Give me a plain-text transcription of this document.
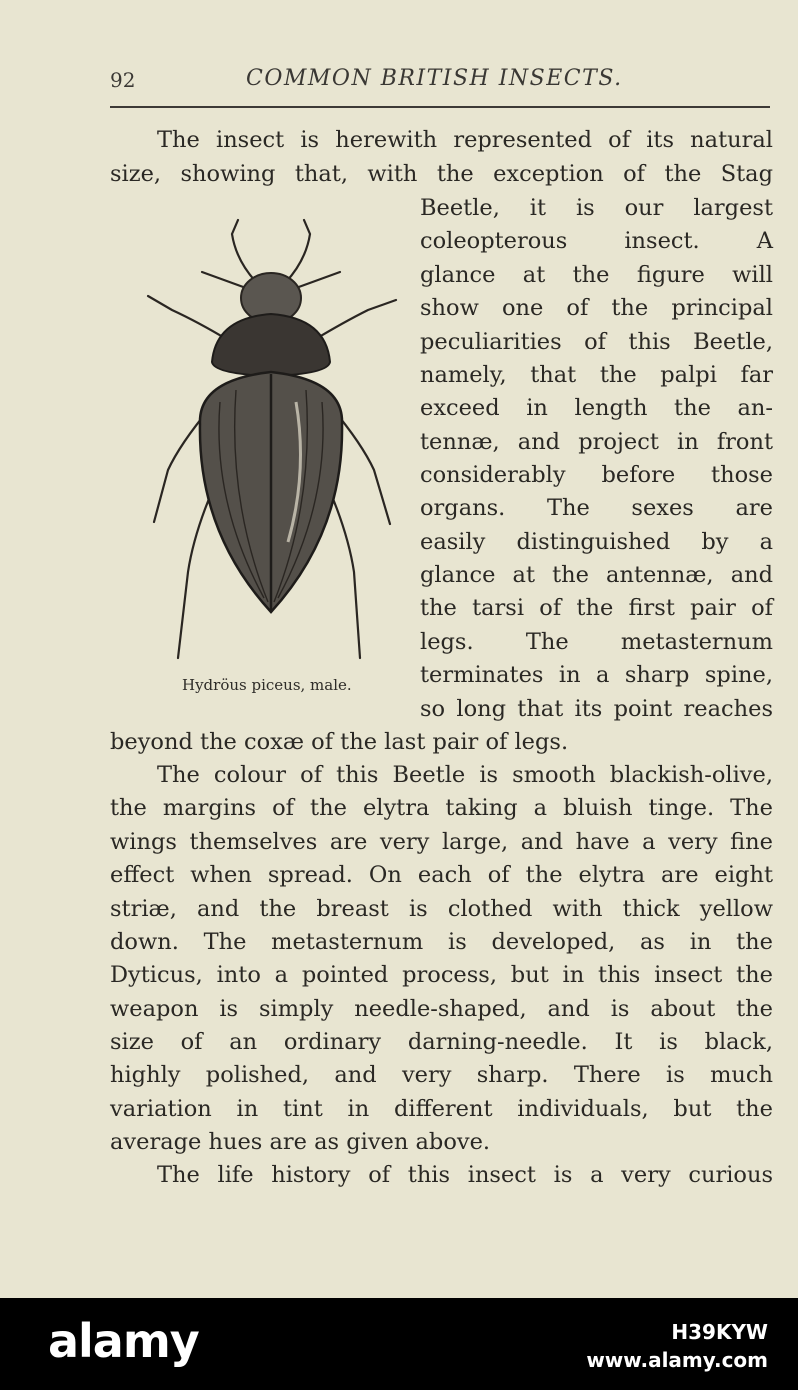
92	COMMON BRITISH INSECTS.
The insect is herewith represented of its natural
size, showing that, with the exception of the Stag
Beetle, it is our largest
coleopterous insect. A
glance at the figure will
show one of the principal
peculiarities of this Beetle,
namely, that the palpi far
exceed in length the an-
tennæ, and project in front
considerably before those
organs. The sexes are
easily distinguished by a
glance at the antennæ, and
the tarsi of the first pair of
legs. The metasternum
terminates in a sharp spine,
so long that its point reaches
beyond the coxæ of the last pair of legs.
The colour of this Beetle is smooth blackish-olive,
the margins of the elytra taking a bluish tinge. The
wings themselves are very large, and have a very fine
effect when spread. On each of the elytra are eight
striæ, and the breast is clothed with thick yellow
down. The metasternum is developed, as in the
Dyticus, into a pointed process, but in this insect the
weapon is simply needle-shaped, and is about the
size of an ordinary darning-needle. It is black,
highly polished, and very sharp. There is much
variation in tint in different individuals, but the
average hues are as given above.
The life history of this insect is a very curious
Hydröus piceus, male.
alamy	H39KYW
www.alamy.com
